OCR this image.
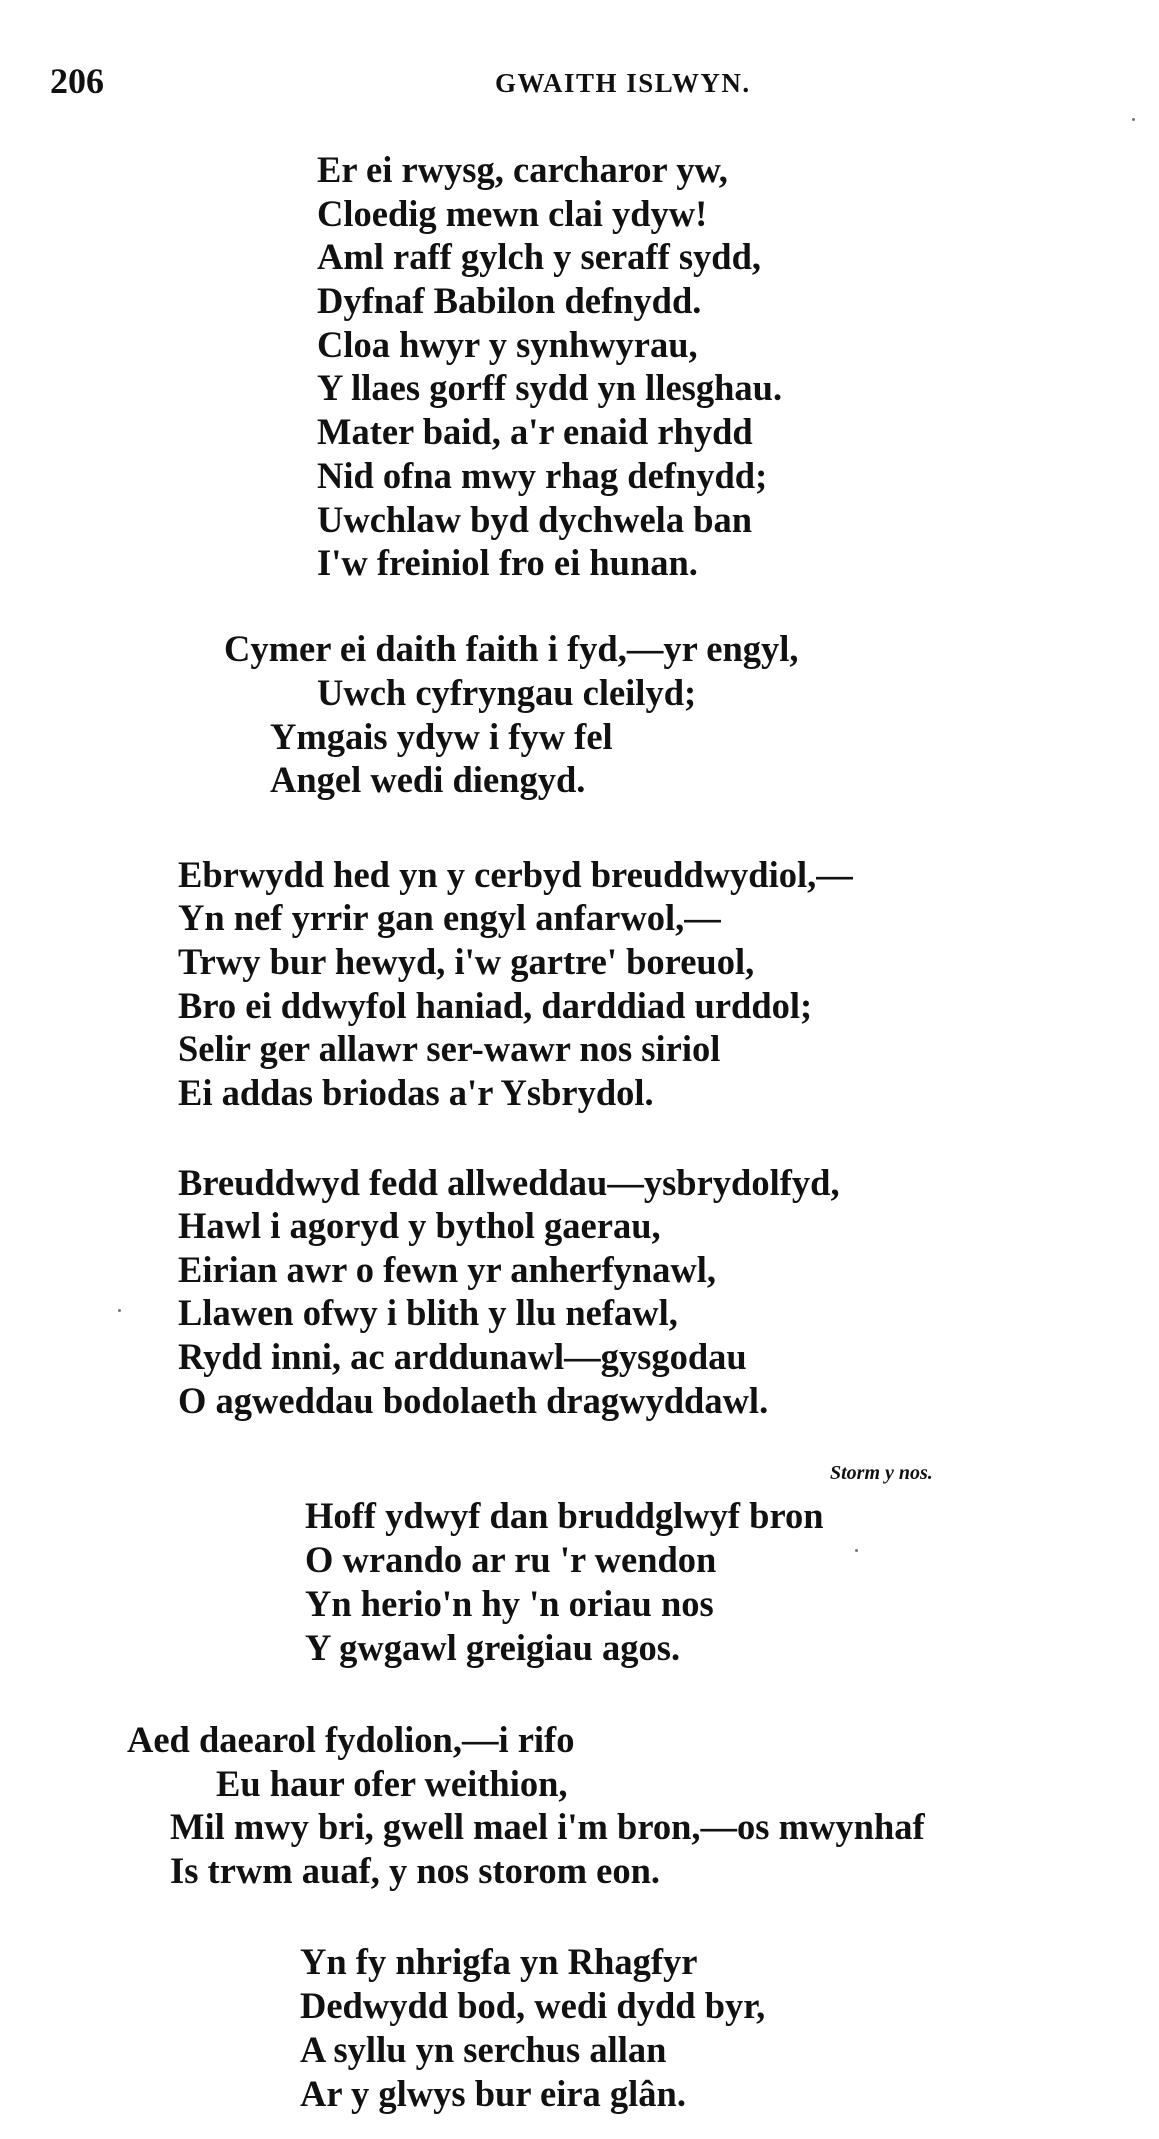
206	GWAITH ISLWYN.
Er ei rwysg, carcharor yw,
Cloedig mewn clai ydyw!
Aml raff gylch y seraff sydd,
Dyfnaf Babilon defnydd.
Cloa hwyr y synhwyrau,
Y llaes gorff sydd yn llesghau.
Mater baid, a'r enaid rhydd
Nid ofna mwy rhag defnydd;
Uwchlaw byd dychwela ban
I'w freiniol fro ei hunan.
Cymer ei daith faith i fyd,—yr engyl,
Uwch cyfryngau cleilyd;
Ymgais ydyw i fyw fel
Angel wedi diengyd.
Ebrwydd hed yn y cerbyd breuddwydiol,—
Yn nef yrrir gan engyl anfarwol,—
Trwy bur hewyd, i'w gartre' boreuol,
Bro ei ddwyfol haniad, darddiad urddol;
Selir ger allawr ser-wawr nos siriol
Ei addas briodas a'r Ysbrydol.
Breuddwyd fedd allweddau—ysbrydolfyd,
Hawl i agoryd y bythol gaerau,
Eirian awr o fewn yr anherfynawl,
Llawen ofwy i blith y llu nefawl,
Rydd inni, ac arddunawl—gysgodau
O agweddau bodolaeth dragwyddawl.
Storm y nos.
Hoff ydwyf dan bruddglwyf bron
O wrando ar ru 'r wendon
Yn herio'n hy 'n oriau nos
Y gwgawl greigiau agos.
Aed daearol fydolion,—i rifo
Eu haur ofer weithion,
Mil mwy bri, gwell mael i'm bron,—os mwynhaf
Is trwm auaf, y nos storom eon.
Yn fy nhrigfa yn Rhagfyr
Dedwydd bod, wedi dydd byr,
A syllu yn serchus allan
Ar y glwys bur eira glân.
